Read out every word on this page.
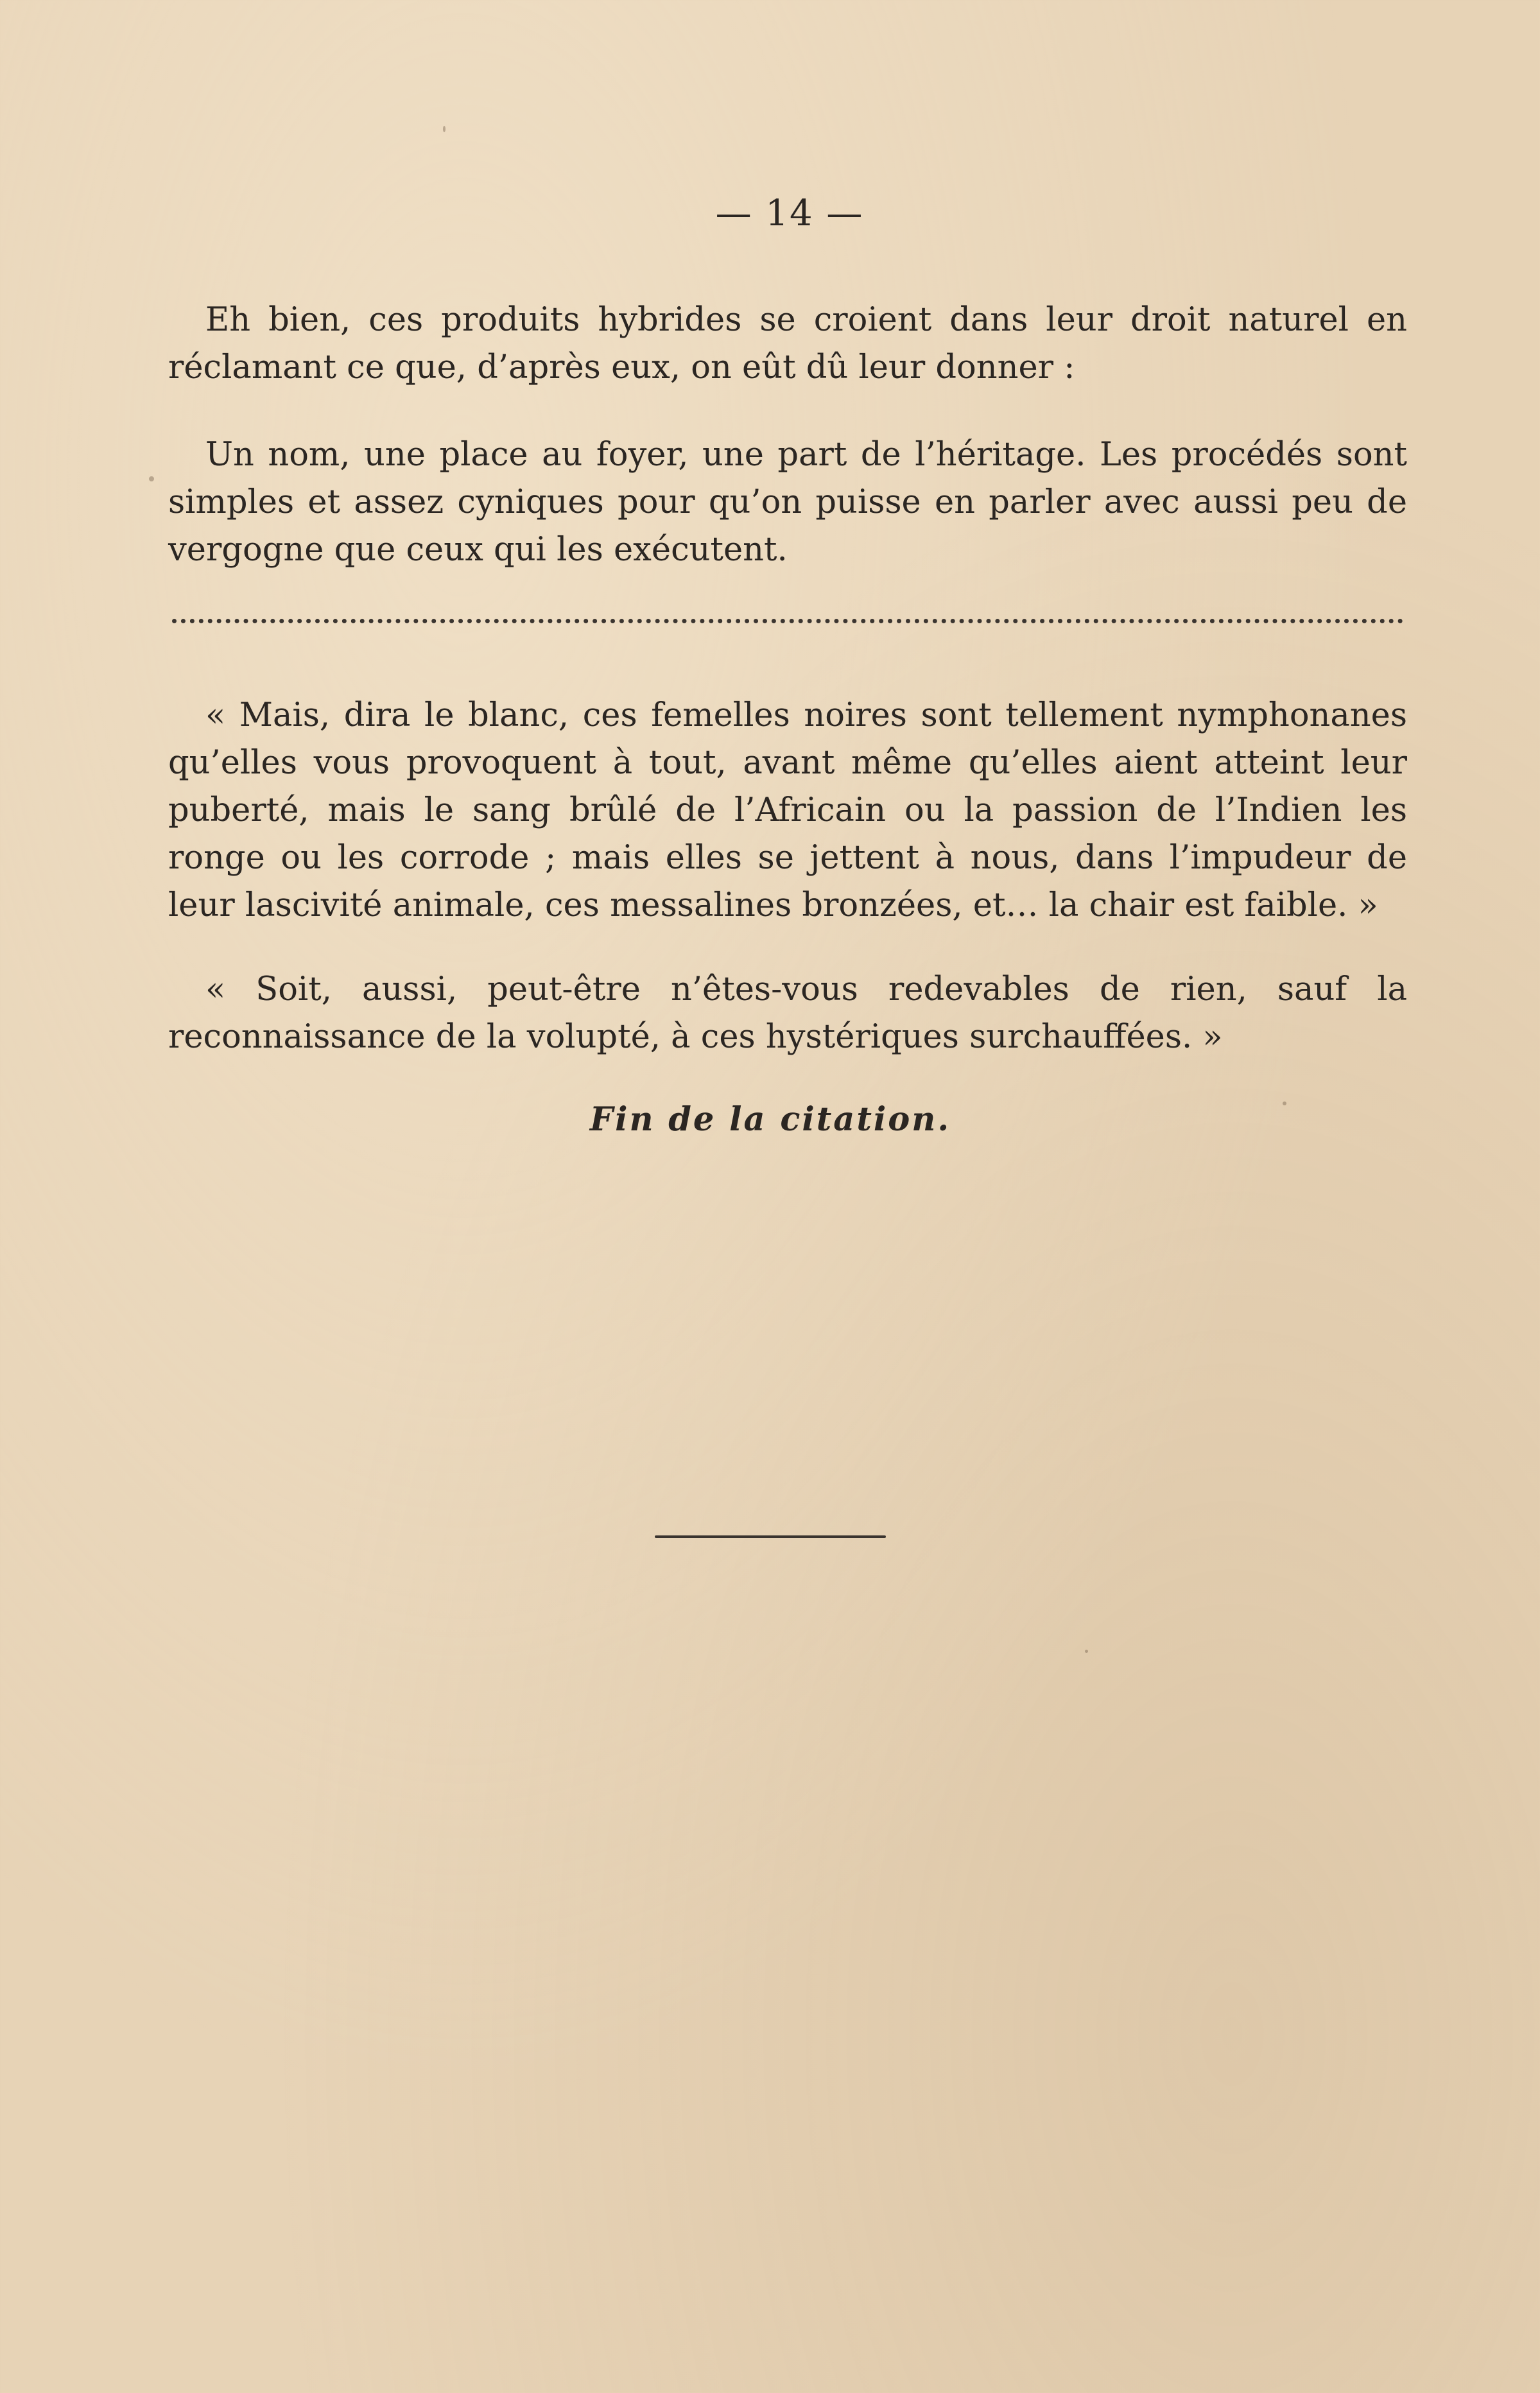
— 14 —

Eh bien, ces produits hybrides se croient dans leur droit naturel en réclamant ce que, d’après eux, on eût dû leur donner :

Un nom, une place au foyer, une part de l’héritage. Les procédés sont simples et assez cyniques pour qu’on puisse en parler avec aussi peu de vergogne que ceux qui les exécutent.

« Mais, dira le blanc, ces femelles noires sont tellement nymphonanes qu’elles vous provoquent à tout, avant même qu’elles aient atteint leur puberté, mais le sang brûlé de l’Africain ou la passion de l’Indien les ronge ou les corrode ; mais elles se jettent à nous, dans l’impudeur de leur lascivité animale, ces messalines bronzées, et… la chair est faible. »

« Soit, aussi, peut-être n’êtes-vous redevables de rien, sauf la reconnaissance de la volupté, à ces hystériques surchauffées. »

Fin de la citation.
